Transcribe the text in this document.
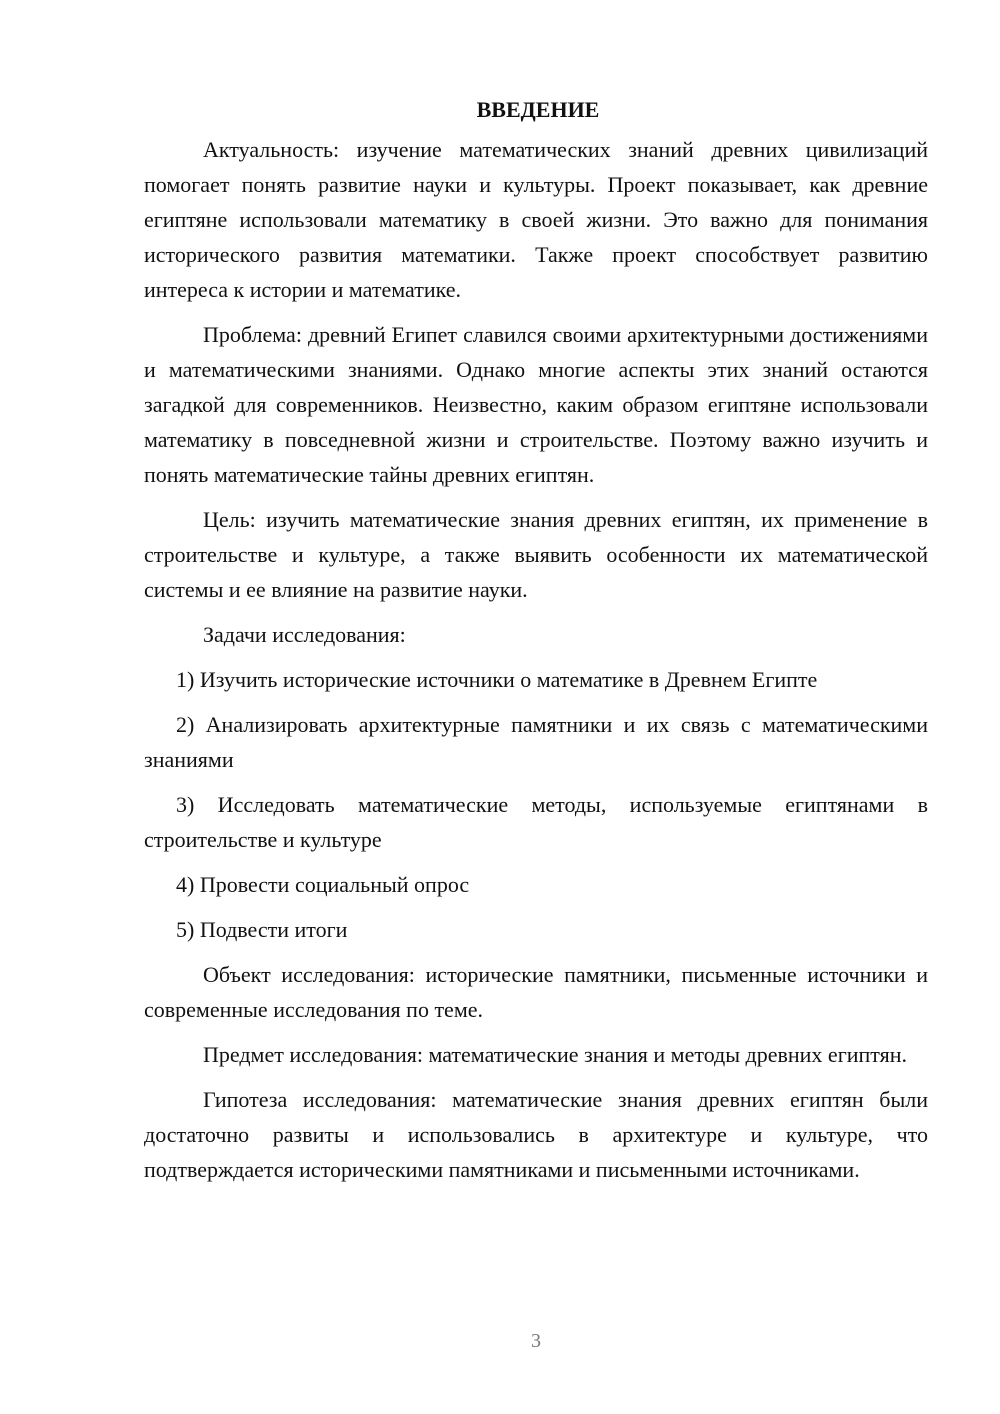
ВВЕДЕНИЕ

Актуальность: изучение математических знаний древних цивилизаций помогает понять развитие науки и культуры. Проект показывает, как древние египтяне использовали математику в своей жизни. Это важно для понимания исторического развития математики. Также проект способствует развитию интереса к истории и математике.

Проблема: древний Египет славился своими архитектурными достижениями и математическими знаниями. Однако многие аспекты этих знаний остаются загадкой для современников. Неизвестно, каким образом египтяне использовали математику в повседневной жизни и строительстве. Поэтому важно изучить и понять математические тайны древних египтян.

Цель: изучить математические знания древних египтян, их применение в строительстве и культуре, а также выявить особенности их математической системы и ее влияние на развитие науки.

Задачи исследования:

1) Изучить исторические источники о математике в Древнем Египте

2) Анализировать архитектурные памятники и их связь с математическими знаниями

3) Исследовать математические методы, используемые египтянами в строительстве и культуре

4) Провести социальный опрос

5) Подвести итоги

Объект исследования: исторические памятники, письменные источники и современные исследования по теме.

Предмет исследования: математические знания и методы древних египтян.

Гипотеза исследования: математические знания древних египтян были достаточно развиты и использовались в архитектуре и культуре, что подтверждается историческими памятниками и письменными источниками.

3
